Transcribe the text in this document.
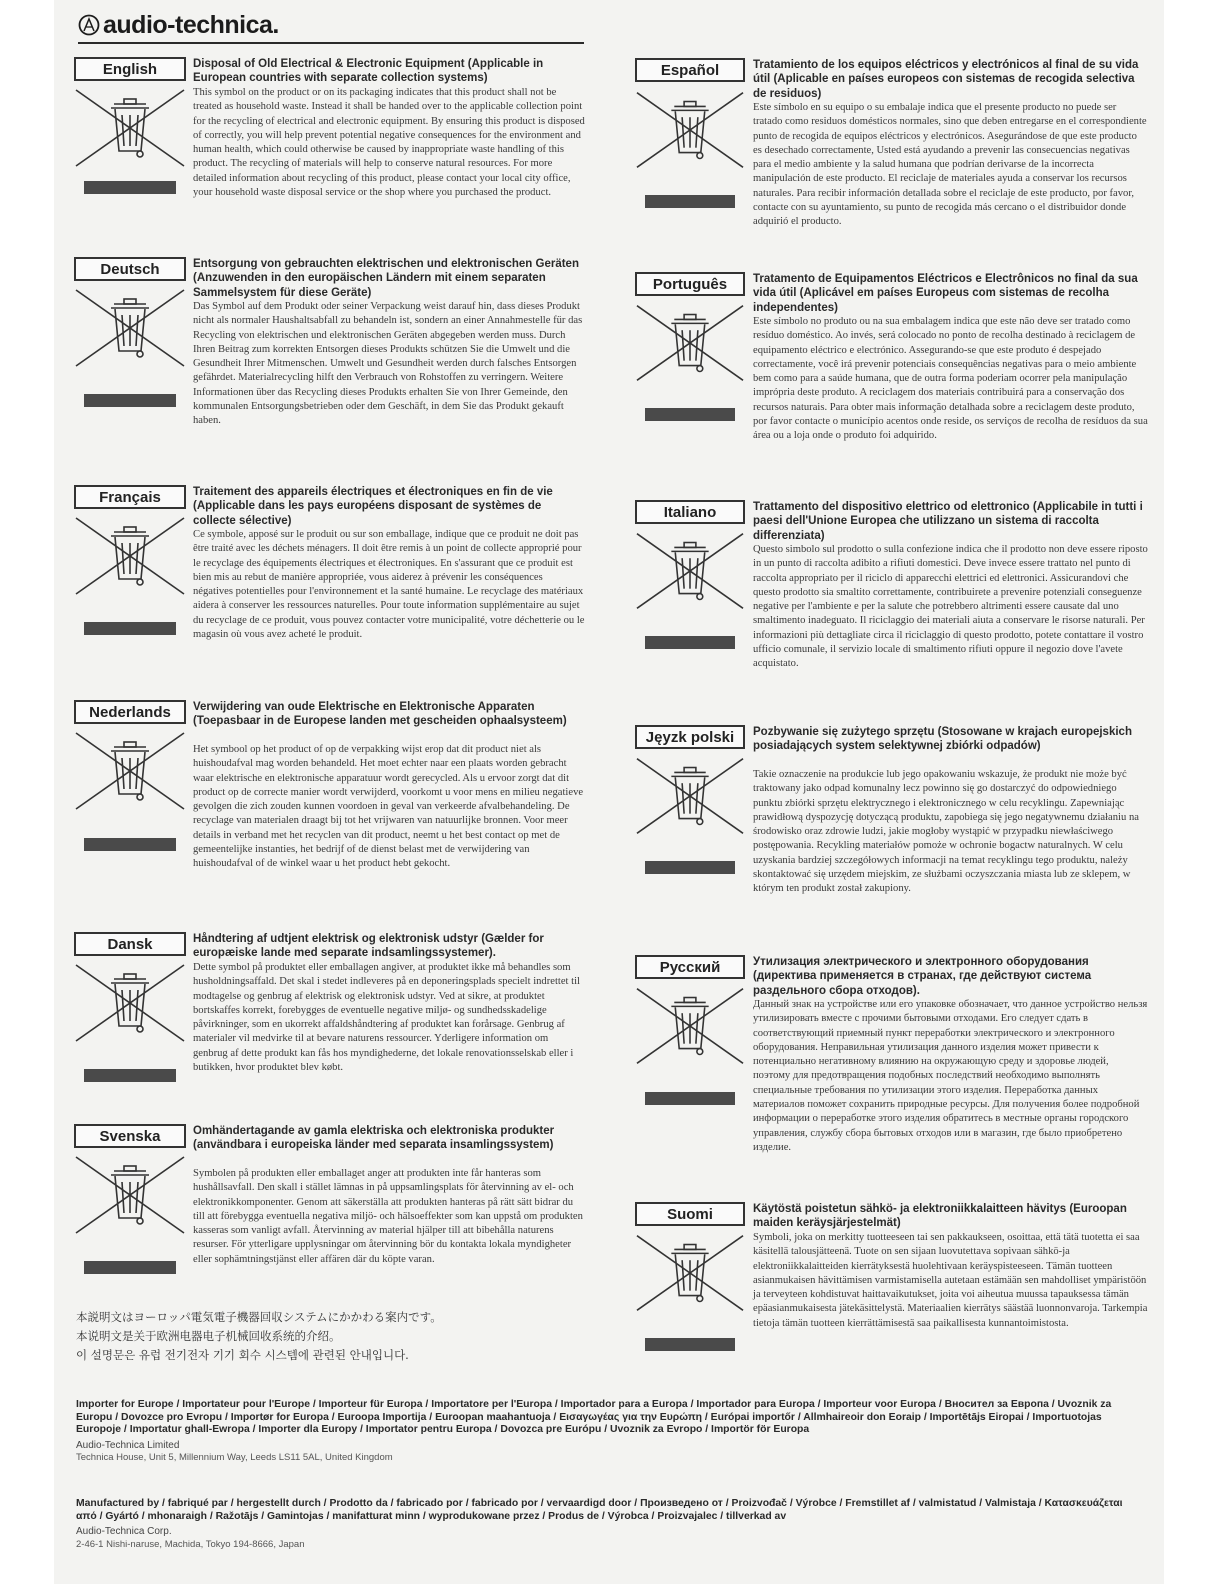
audio-technica.
English	Disposal of Old Electrical & Electronic Equipment (Applicable in European countries with separate collection systems)
This symbol on the product or on its packaging indicates that this product shall not be treated as household waste. Instead it shall be handed over to the applicable collection point for the recycling of electrical and electronic equipment. By ensuring this product is disposed of correctly, you will help prevent potential negative consequences for the environment and human health, which could otherwise be caused by inappropriate waste handling of this product. The recycling of materials will help to conserve natural resources. For more detailed information about recycling of this product, please contact your local city office, your household waste disposal service or the shop where you purchased the product.
Deutsch	Entsorgung von gebrauchten elektrischen und elektronischen Geräten (Anzuwenden in den europäischen Ländern mit einem separaten Sammelsystem für diese Geräte)
Das Symbol auf dem Produkt oder seiner Verpackung weist darauf hin, dass dieses Produkt nicht als normaler Haushaltsabfall zu behandeln ist, sondern an einer Annahmestelle für das Recycling von elektrischen und elektronischen Geräten abgegeben werden muss. Durch Ihren Beitrag zum korrekten Entsorgen dieses Produkts schützen Sie die Umwelt und die Gesundheit Ihrer Mitmenschen. Umwelt und Gesundheit werden durch falsches Entsorgen gefährdet. Materialrecycling hilft den Verbrauch von Rohstoffen zu verringern. Weitere Informationen über das Recycling dieses Produkts erhalten Sie von Ihrer Gemeinde, den kommunalen Entsorgungsbetrieben oder dem Geschäft, in dem Sie das Produkt gekauft haben.
Français	Traitement des appareils électriques et électroniques en fin de vie (Applicable dans les pays européens disposant de systèmes de collecte sélective)
Ce symbole, apposé sur le produit ou sur son emballage, indique que ce produit ne doit pas être traité avec les déchets ménagers. Il doit être remis à un point de collecte approprié pour le recyclage des équipements électriques et électroniques. En s'assurant que ce produit est bien mis au rebut de manière appropriée, vous aiderez à prévenir les conséquences négatives potentielles pour l'environnement et la santé humaine. Le recyclage des matériaux aidera à conserver les ressources naturelles. Pour toute information supplémentaire au sujet du recyclage de ce produit, vous pouvez contacter votre municipalité, votre déchetterie ou le magasin où vous avez acheté le produit.
Nederlands	Verwijdering van oude Elektrische en Elektronische Apparaten (Toepasbaar in de Europese landen met gescheiden ophaalsysteem)
Het symbool op het product of op de verpakking wijst erop dat dit product niet als huishoudafval mag worden behandeld. Het moet echter naar een plaats worden gebracht waar elektrische en elektronische apparatuur wordt gerecycled. Als u ervoor zorgt dat dit product op de correcte manier wordt verwijderd, voorkomt u voor mens en milieu negatieve gevolgen die zich zouden kunnen voordoen in geval van verkeerde afvalbehandeling. De recyclage van materialen draagt bij tot het vrijwaren van natuurlijke bronnen. Voor meer details in verband met het recyclen van dit product, neemt u het best contact op met de gemeentelijke instanties, het bedrijf of de dienst belast met de verwijdering van huishoudafval of de winkel waar u het product hebt gekocht.
Dansk	Håndtering af udtjent elektrisk og elektronisk udstyr (Gælder for europæiske lande med separate indsamlingssystemer).
Dette symbol på produktet eller emballagen angiver, at produktet ikke må behandles som husholdningsaffald. Det skal i stedet indleveres på en deponeringsplads specielt indrettet til modtagelse og genbrug af elektrisk og elektronisk udstyr. Ved at sikre, at produktet bortskaffes korrekt, forebygges de eventuelle negative miljø- og sundhedsskadelige påvirkninger, som en ukorrekt affaldshåndtering af produktet kan forårsage. Genbrug af materialer vil medvirke til at bevare naturens ressourcer. Yderligere information om genbrug af dette produkt kan fås hos myndighederne, det lokale renovationsselskab eller i butikken, hvor produktet blev købt.
Svenska	Omhändertagande av gamla elektriska och elektroniska produkter (användbara i europeiska länder med separata insamlingssystem)
Symbolen på produkten eller emballaget anger att produkten inte får hanteras som hushållsavfall. Den skall i stället lämnas in på uppsamlingsplats för återvinning av el- och elektronikkomponenter. Genom att säkerställa att produkten hanteras på rätt sätt bidrar du till att förebygga eventuella negativa miljö- och hälsoeffekter som kan uppstå om produkten kasseras som vanligt avfall. Återvinning av material hjälper till att bibehålla naturens resurser. För ytterligare upplysningar om återvinning bör du kontakta lokala myndigheter eller sophämtningstjänst eller affären där du köpte varan.
Español	Tratamiento de los equipos eléctricos y electrónicos al final de su vida útil (Aplicable en países europeos con sistemas de recogida selectiva de residuos)
Este símbolo en su equipo o su embalaje indica que el presente producto no puede ser tratado como residuos domésticos normales, sino que deben entregarse en el correspondiente punto de recogida de equipos eléctricos y electrónicos. Asegurándose de que este producto es desechado correctamente, Usted está ayudando a prevenir las consecuencias negativas para el medio ambiente y la salud humana que podrían derivarse de la incorrecta manipulación de este producto. El reciclaje de materiales ayuda a conservar los recursos naturales. Para recibir información detallada sobre el reciclaje de este producto, por favor, contacte con su ayuntamiento, su punto de recogida más cercano o el distribuidor donde adquirió el producto.
Português	Tratamento de Equipamentos Eléctricos e Electrônicos no final da sua vida útil (Aplicável em países Europeus com sistemas de recolha independentes)
Este símbolo no produto ou na sua embalagem indica que este não deve ser tratado como resíduo doméstico. Ao invés, será colocado no ponto de recolha destinado à reciclagem de equipamento eléctrico e electrónico. Assegurando-se que este produto é despejado correctamente, você irá prevenir potenciais consequências negativas para o meio ambiente bem como para a saúde humana, que de outra forma poderiam ocorrer pela manipulação imprópria deste produto. A reciclagem dos materiais contribuirá para a conservação dos recursos naturais. Para obter mais informação detalhada sobre a reciclagem deste produto, por favor contacte o município acentos onde reside, os serviços de recolha de resíduos da sua área ou a loja onde o produto foi adquirido.
Italiano	Trattamento del dispositivo elettrico od elettronico (Applicabile in tutti i paesi dell'Unione Europea che utilizzano un sistema di raccolta differenziata)
Questo simbolo sul prodotto o sulla confezione indica che il prodotto non deve essere riposto in un punto di raccolta adibito a rifiuti domestici. Deve invece essere trattato nel punto di raccolta appropriato per il riciclo di apparecchi elettrici ed elettronici. Assicurandovi che questo prodotto sia smaltito correttamente, contribuirete a prevenire potenziali conseguenze negative per l'ambiente e per la salute che potrebbero altrimenti essere causate dal uno smaltimento inadeguato. Il riciclaggio dei materiali aiuta a conservare le risorse naturali. Per informazioni più dettagliate circa il riciclaggio di questo prodotto, potete contattare il vostro ufficio comunale, il servizio locale di smaltimento rifiuti oppure il negozio dove l'avete acquistato.
Jęyzk polski	Pozbywanie się zużytego sprzętu (Stosowane w krajach europejskich posiadających system selektywnej zbiórki odpadów)
Takie oznaczenie na produkcie lub jego opakowaniu wskazuje, że produkt nie może być traktowany jako odpad komunalny lecz powinno się go dostarczyć do odpowiedniego punktu zbiórki sprzętu elektrycznego i elektronicznego w celu recyklingu. Zapewniając prawidłową dyspozycję dotyczącą produktu, zapobiega się jego negatywnemu działaniu na środowisko oraz zdrowie ludzi, jakie mogłoby wystąpić w przypadku niewłaściwego postępowania. Recykling materiałów pomoże w ochronie bogactw naturalnych. W celu uzyskania bardziej szczegółowych informacji na temat recyklingu tego produktu, należy skontaktować się urzędem miejskim, ze służbami oczyszczania miasta lub ze sklepem, w którym ten produkt został zakupiony.
Русский	Утилизация электрического и электронного оборудования (директива применяется в странах, где действуют система раздельного сбора отходов).
Данный знак на устройстве или его упаковке обозначает, что данное устройство нельзя утилизировать вместе с прочими бытовыми отходами. Его следует сдать в соответствующий приемный пункт переработки электрического и электронного оборудования. Неправильная утилизация данного изделия может привести к потенциально негативному влиянию на окружающую среду и здоровье людей, поэтому для предотвращения подобных последствий необходимо выполнять специальные требования по утилизации этого изделия. Переработка данных материалов поможет сохранить природные ресурсы. Для получения более подробной информации о переработке этого изделия обратитесь в местные органы городского управления, службу сбора бытовых отходов или в магазин, где было приобретено изделие.
Suomi	Käytöstä poistetun sähkö- ja elektroniikkalaitteen hävitys (Euroopan maiden keräysjärjestelmät)
Symboli, joka on merkitty tuotteeseen tai sen pakkaukseen, osoittaa, että tätä tuotetta ei saa käsitellä talousjätteenä. Tuote on sen sijaan luovutettava sopivaan sähkö-ja elektroniikkalaitteiden kierrätyksestä huolehtivaan keräyspisteeseen. Tämän tuotteen asianmukaisen hävittämisen varmistamisella autetaan estämään sen mahdolliset ympäristöön ja terveyteen kohdistuvat haittavaikutukset, joita voi aiheutua muussa tapauksessa tämän epäasianmukaisesta jätekäsittelystä. Materiaalien kierrätys säästää luonnonvaroja. Tarkempia tietoja tämän tuotteen kierrättämisestä saa paikallisesta kunnantoimistosta.
本説明文はヨーロッパ電気電子機器回収システムにかかわる案内です。
本说明文是关于欧洲电器电子机械回收系统的介绍。
이 설명문은 유럽 전기전자 기기 회수 시스템에 관련된 안내입니다.
Importer for Europe / Importateur pour l'Europe / Importeur für Europa / Importatore per l'Europa / Importador para a Europa / Importador para Europa / Importeur voor Europa / Вноситeл за Европа / Uvoznik za Europu / Dovozce pro Evropu / Importør for Europa / Euroopa Importija / Euroopan maahantuoja / Εισαγωγέας για την Ευρώπη / Európai importőr / Allmhaireoir don Eoraip / Importētājs Eiropai / Importuotojas Europoje / Importatur ghall-Ewropa / Importer dla Europy / Importator pentru Europa / Dovozca pre Európu / Uvoznik za Evropo / Importör för Europa
Audio-Technica Limited
Technica House, Unit 5, Millennium Way, Leeds LS11 5AL, United Kingdom
Manufactured by / fabriqué par / hergestellt durch / Prodotto da / fabricado por / fabricado por / vervaardigd door / Произведено от / Proizvođač / Výrobce / Fremstillet af / valmistatud / Valmistaja / Κατασκευάζεται από / Gyártó / mhonaraigh / Ražotājs / Gamintojas / manifatturat minn / wyprodukowane przez / Produs de / Výrobca / Proizvajalec / tillverkad av
Audio-Technica Corp.
2-46-1 Nishi-naruse, Machida, Tokyo 194-8666, Japan
